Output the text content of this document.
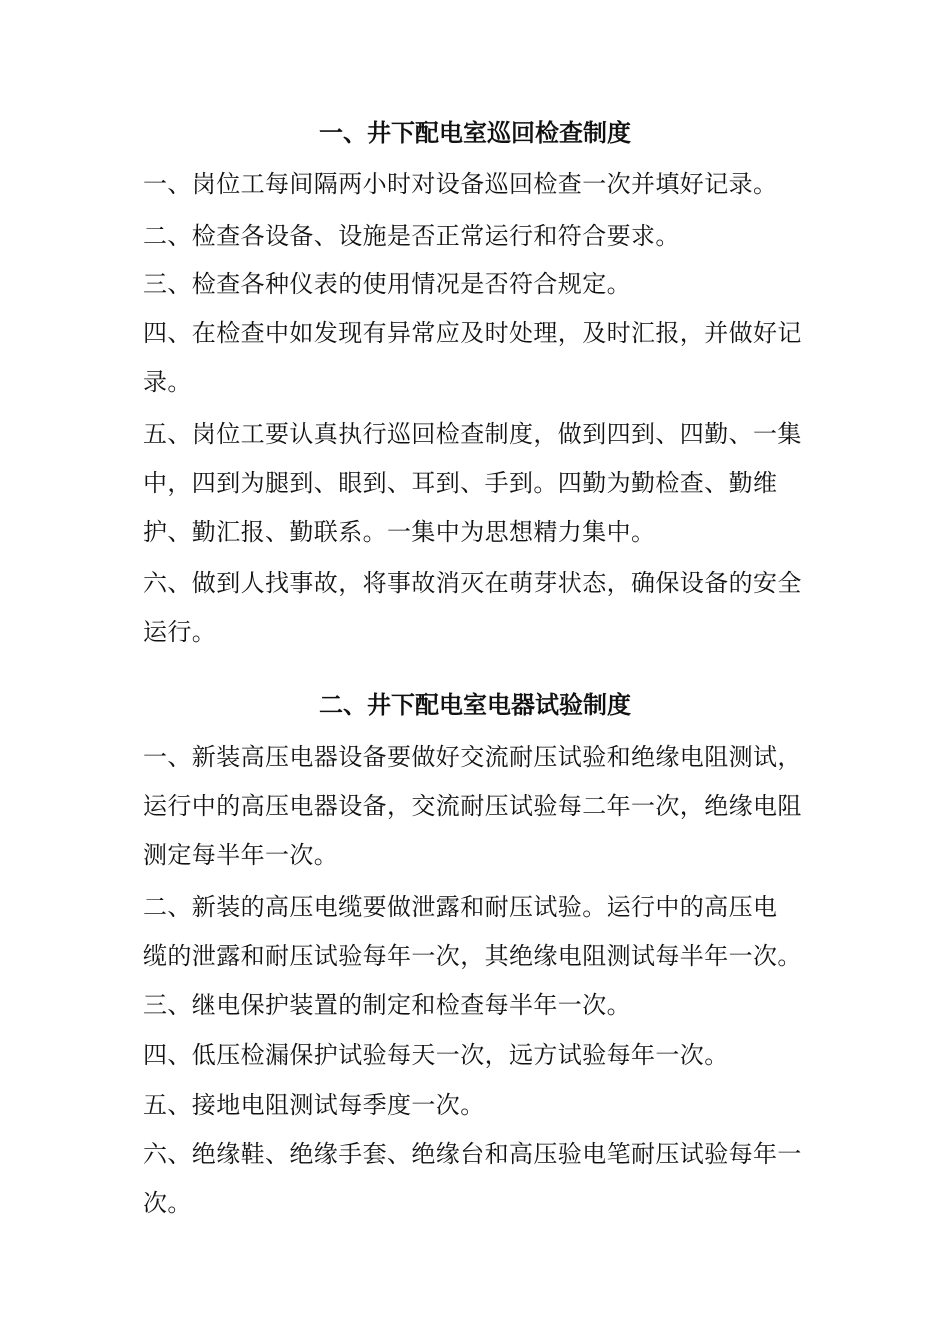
一、井下配电室巡回检查制度

一、岗位工每间隔两小时对设备巡回检查一次并填好记录。

二、检查各设备、设施是否正常运行和符合要求。

三、检查各种仪表的使用情况是否符合规定。

四、在检查中如发现有异常应及时处理，及时汇报，并做好记录。

五、岗位工要认真执行巡回检查制度，做到四到、四勤、一集中，四到为腿到、眼到、耳到、手到。四勤为勤检查、勤维护、勤汇报、勤联系。一集中为思想精力集中。

六、做到人找事故，将事故消灭在萌芽状态，确保设备的安全运行。

二、井下配电室电器试验制度

一、新装高压电器设备要做好交流耐压试验和绝缘电阻测试，运行中的高压电器设备，交流耐压试验每二年一次，绝缘电阻测定每半年一次。

二、新装的高压电缆要做泄露和耐压试验。运行中的高压电

缆的泄露和耐压试验每年一次，其绝缘电阻测试每半年一次。

三、继电保护装置的制定和检查每半年一次。

四、低压检漏保护试验每天一次，远方试验每年一次。

五、接地电阻测试每季度一次。

六、绝缘鞋、绝缘手套、绝缘台和高压验电笔耐压试验每年一次。
